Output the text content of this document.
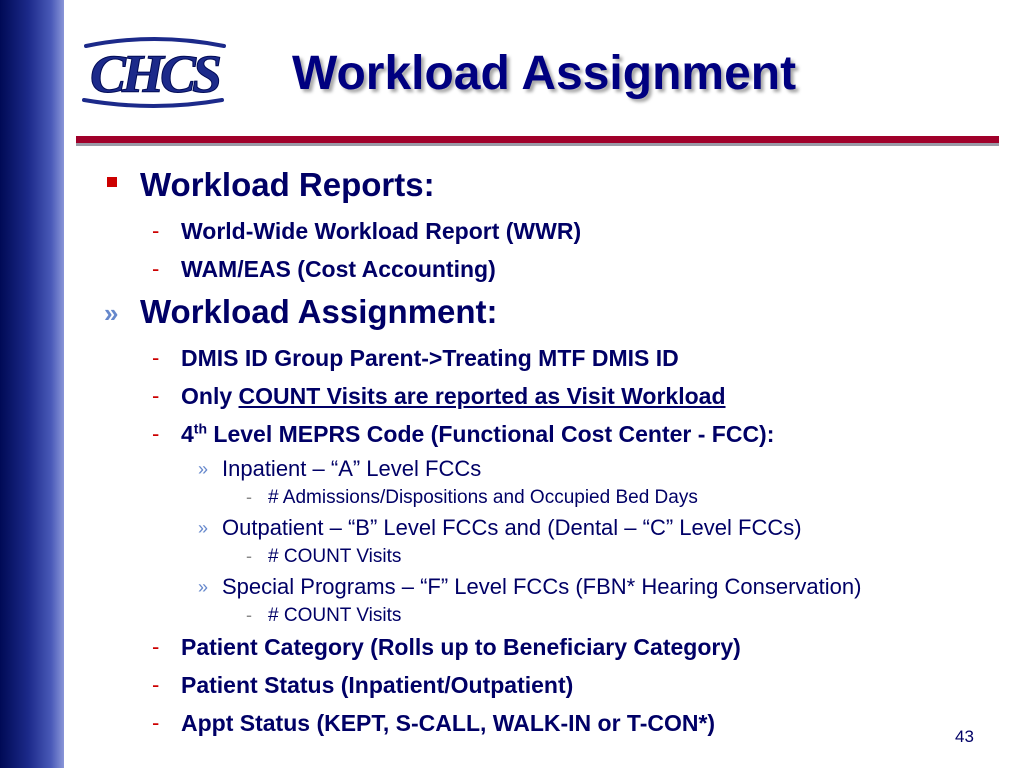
CHCS Workload Assignment
Workload Reports:
- World-Wide Workload Report (WWR)
- WAM/EAS (Cost Accounting)
» Workload Assignment:
- DMIS ID Group Parent->Treating MTF DMIS ID
- Only COUNT Visits are reported as Visit Workload
- 4th Level MEPRS Code (Functional Cost Center - FCC):
» Inpatient – “A” Level FCCs
- # Admissions/Dispositions and Occupied Bed Days
» Outpatient – “B” Level FCCs and (Dental – “C” Level FCCs)
- # COUNT Visits
» Special Programs – “F” Level FCCs (FBN* Hearing Conservation)
- # COUNT Visits
- Patient Category (Rolls up to Beneficiary Category)
- Patient Status (Inpatient/Outpatient)
- Appt Status (KEPT, S-CALL, WALK-IN or T-CON*)
43
